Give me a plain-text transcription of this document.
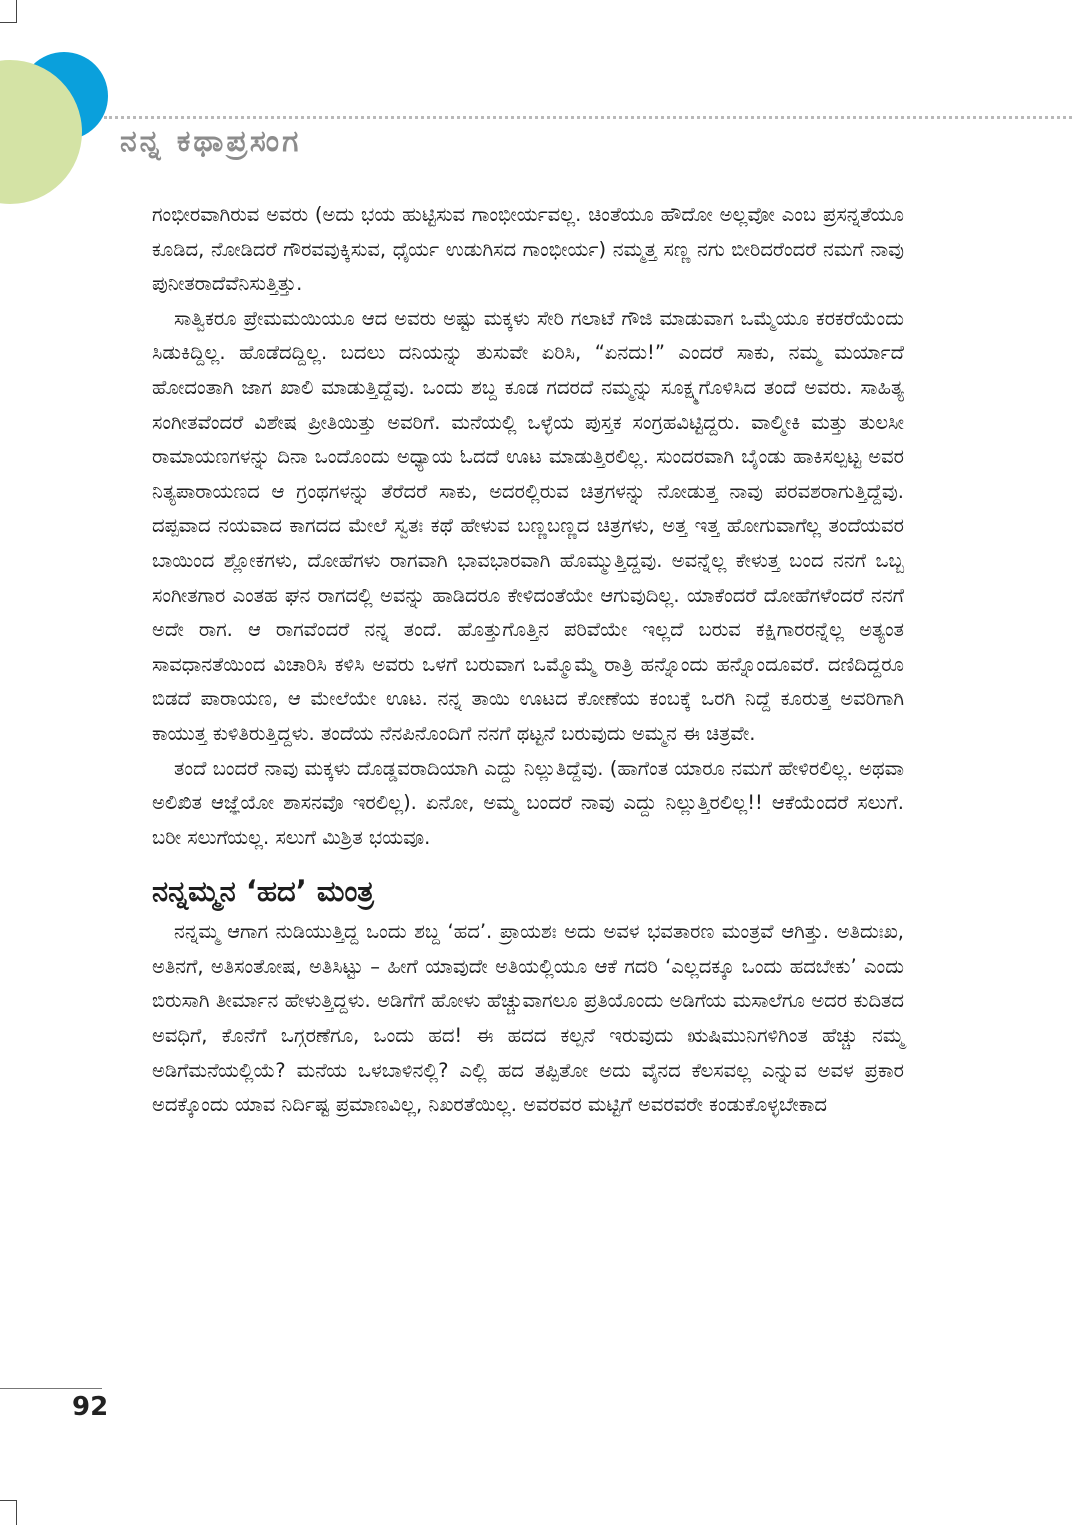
ನನ್ನ ಕಥಾಪ್ರಸಂಗ

ಗಂಭೀರವಾಗಿರುವ ಅವರು (ಅದು ಭಯ ಹುಟ್ಟಿಸುವ ಗಾಂಭೀರ್ಯವಲ್ಲ. ಚಿಂತೆಯೂ ಹೌದೋ ಅಲ್ಲವೋ ಎಂಬ ಪ್ರಸನ್ನತೆಯೂ ಕೂಡಿದ, ನೋಡಿದರೆ ಗೌರವವುಕ್ಕಿಸುವ, ಧೈರ್ಯ ಉಡುಗಿಸದ ಗಾಂಭೀರ್ಯ) ನಮ್ಮತ್ತ ಸಣ್ಣ ನಗು ಬೀರಿದರೆಂದರೆ ನಮಗೆ ನಾವು ಪುನೀತರಾದೆವೆನಿಸುತ್ತಿತ್ತು.

ಸಾತ್ವಿಕರೂ ಪ್ರೇಮಮಯಿಯೂ ಆದ ಅವರು ಅಷ್ಟು ಮಕ್ಕಳು ಸೇರಿ ಗಲಾಟೆ ಗೌಜಿ ಮಾಡುವಾಗ ಒಮ್ಮೆಯೂ ಕರಕರೆಯೆಂದು ಸಿಡುಕಿದ್ದಿಲ್ಲ. ಹೊಡೆದದ್ದಿಲ್ಲ. ಬದಲು ದನಿಯನ್ನು ತುಸುವೇ ಏರಿಸಿ, “ಏನದು!” ಎಂದರೆ ಸಾಕು, ನಮ್ಮ ಮರ್ಯಾದೆ ಹೋದಂತಾಗಿ ಜಾಗ ಖಾಲಿ ಮಾಡುತ್ತಿದ್ದೆವು. ಒಂದು ಶಬ್ದ ಕೂಡ ಗದರದೆ ನಮ್ಮನ್ನು ಸೂಕ್ಷ್ಮಗೊಳಿಸಿದ ತಂದೆ ಅವರು. ಸಾಹಿತ್ಯ ಸಂಗೀತವೆಂದರೆ ವಿಶೇಷ ಪ್ರೀತಿಯಿತ್ತು ಅವರಿಗೆ. ಮನೆಯಲ್ಲಿ ಒಳ್ಳೆಯ ಪುಸ್ತಕ ಸಂಗ್ರಹವಿಟ್ಟಿದ್ದರು. ವಾಲ್ಮೀಕಿ ಮತ್ತು ತುಲಸೀ ರಾಮಾಯಣಗಳನ್ನು ದಿನಾ ಒಂದೊಂದು ಅಧ್ಯಾಯ ಓದದೆ ಊಟ ಮಾಡುತ್ತಿರಲಿಲ್ಲ. ಸುಂದರವಾಗಿ ಬೈಂಡು ಹಾಕಿಸಲ್ಪಟ್ಟ ಅವರ ನಿತ್ಯಪಾರಾಯಣದ ಆ ಗ್ರಂಥಗಳನ್ನು ತೆರೆದರೆ ಸಾಕು, ಅದರಲ್ಲಿರುವ ಚಿತ್ರಗಳನ್ನು ನೋಡುತ್ತ ನಾವು ಪರವಶರಾಗುತ್ತಿದ್ದೆವು. ದಪ್ಪವಾದ ನಯವಾದ ಕಾಗದದ ಮೇಲೆ ಸ್ವತಃ ಕಥೆ ಹೇಳುವ ಬಣ್ಣಬಣ್ಣದ ಚಿತ್ರಗಳು, ಅತ್ತ ಇತ್ತ ಹೋಗುವಾಗೆಲ್ಲ ತಂದೆಯವರ ಬಾಯಿಂದ ಶ್ಲೋಕಗಳು, ದೋಹೆಗಳು ರಾಗವಾಗಿ ಭಾವಭಾರವಾಗಿ ಹೊಮ್ಮುತ್ತಿದ್ದವು. ಅವನ್ನೆಲ್ಲ ಕೇಳುತ್ತ ಬಂದ ನನಗೆ ಒಬ್ಬ ಸಂಗೀತಗಾರ ಎಂತಹ ಘನ ರಾಗದಲ್ಲಿ ಅವನ್ನು ಹಾಡಿದರೂ ಕೇಳಿದಂತೆಯೇ ಆಗುವುದಿಲ್ಲ. ಯಾಕೆಂದರೆ ದೋಹೆಗಳೆಂದರೆ ನನಗೆ ಅದೇ ರಾಗ. ಆ ರಾಗವೆಂದರೆ ನನ್ನ ತಂದೆ. ಹೊತ್ತುಗೊತ್ತಿನ ಪರಿವೆಯೇ ಇಲ್ಲದೆ ಬರುವ ಕಕ್ಷಿಗಾರರನ್ನೆಲ್ಲ ಅತ್ಯಂತ ಸಾವಧಾನತೆಯಿಂದ ವಿಚಾರಿಸಿ ಕಳಿಸಿ ಅವರು ಒಳಗೆ ಬರುವಾಗ ಒಮ್ಮೊಮ್ಮೆ ರಾತ್ರಿ ಹನ್ನೊಂದು ಹನ್ನೊಂದೂವರೆ. ದಣಿದಿದ್ದರೂ ಬಿಡದೆ ಪಾರಾಯಣ, ಆ ಮೇಲೆಯೇ ಊಟ. ನನ್ನ ತಾಯಿ ಊಟದ ಕೋಣೆಯ ಕಂಬಕ್ಕೆ ಒರಗಿ ನಿದ್ದೆ ಕೂರುತ್ತ ಅವರಿಗಾಗಿ ಕಾಯುತ್ತ ಕುಳಿತಿರುತ್ತಿದ್ದಳು. ತಂದೆಯ ನೆನಪಿನೊಂದಿಗೆ ನನಗೆ ಥಟ್ಟನೆ ಬರುವುದು ಅಮ್ಮನ ಈ ಚಿತ್ರವೇ.

ತಂದೆ ಬಂದರೆ ನಾವು ಮಕ್ಕಳು ದೊಡ್ಡವರಾದಿಯಾಗಿ ಎದ್ದು ನಿಲ್ಲುತಿದ್ದೆವು. (ಹಾಗೆಂತ ಯಾರೂ ನಮಗೆ ಹೇಳಿರಲಿಲ್ಲ. ಅಥವಾ ಅಲಿಖಿತ ಆಜ್ಞೆಯೋ ಶಾಸನವೊ ಇರಲಿಲ್ಲ). ಏನೋ, ಅಮ್ಮ ಬಂದರೆ ನಾವು ಎದ್ದು ನಿಲ್ಲುತ್ತಿರಲಿಲ್ಲ!! ಆಕೆಯೆಂದರೆ ಸಲುಗೆ. ಬರೀ ಸಲುಗೆಯಲ್ಲ. ಸಲುಗೆ ಮಿಶ್ರಿತ ಭಯವೂ.

ನನ್ನಮ್ಮನ ‘ಹದ’ ಮಂತ್ರ

ನನ್ನಮ್ಮ ಆಗಾಗ ನುಡಿಯುತ್ತಿದ್ದ ಒಂದು ಶಬ್ದ ‘ಹದ’. ಪ್ರಾಯಶಃ ಅದು ಅವಳ ಭವತಾರಣ ಮಂತ್ರವೆ ಆಗಿತ್ತು. ಅತಿದುಃಖ, ಅತಿನಗೆ, ಅತಿಸಂತೋಷ, ಅತಿಸಿಟ್ಟು – ಹೀಗೆ ಯಾವುದೇ ಅತಿಯಲ್ಲಿಯೂ ಆಕೆ ಗದರಿ ‘ಎಲ್ಲದಕ್ಕೂ ಒಂದು ಹದಬೇಕು’ ಎಂದು ಬಿರುಸಾಗಿ ತೀರ್ಮಾನ ಹೇಳುತ್ತಿದ್ದಳು. ಅಡಿಗೆಗೆ ಹೋಳು ಹೆಚ್ಚುವಾಗಲೂ ಪ್ರತಿಯೊಂದು ಅಡಿಗೆಯ ಮಸಾಲೆಗೂ ಅದರ ಕುದಿತದ ಅವಧಿಗೆ, ಕೊನೆಗೆ ಒಗ್ಗರಣೆಗೂ, ಒಂದು ಹದ! ಈ ಹದದ ಕಲ್ಪನೆ ಇರುವುದು ಋಷಿಮುನಿಗಳಿಗಿಂತ ಹೆಚ್ಚು ನಮ್ಮ ಅಡಿಗೆಮನೆಯಲ್ಲಿಯೆ? ಮನೆಯ ಒಳಬಾಳಿನಲ್ಲಿ? ಎಲ್ಲಿ ಹದ ತಪ್ಪಿತೋ ಅದು ವೈನದ ಕೆಲಸವಲ್ಲ ಎನ್ನುವ ಅವಳ ಪ್ರಕಾರ ಅದಕ್ಕೊಂದು ಯಾವ ನಿರ್ದಿಷ್ಟ ಪ್ರಮಾಣವಿಲ್ಲ, ನಿಖರತೆಯಿಲ್ಲ. ಅವರವರ ಮಟ್ಟಿಗೆ ಅವರವರೇ ಕಂಡುಕೊಳ್ಳಬೇಕಾದ

92
